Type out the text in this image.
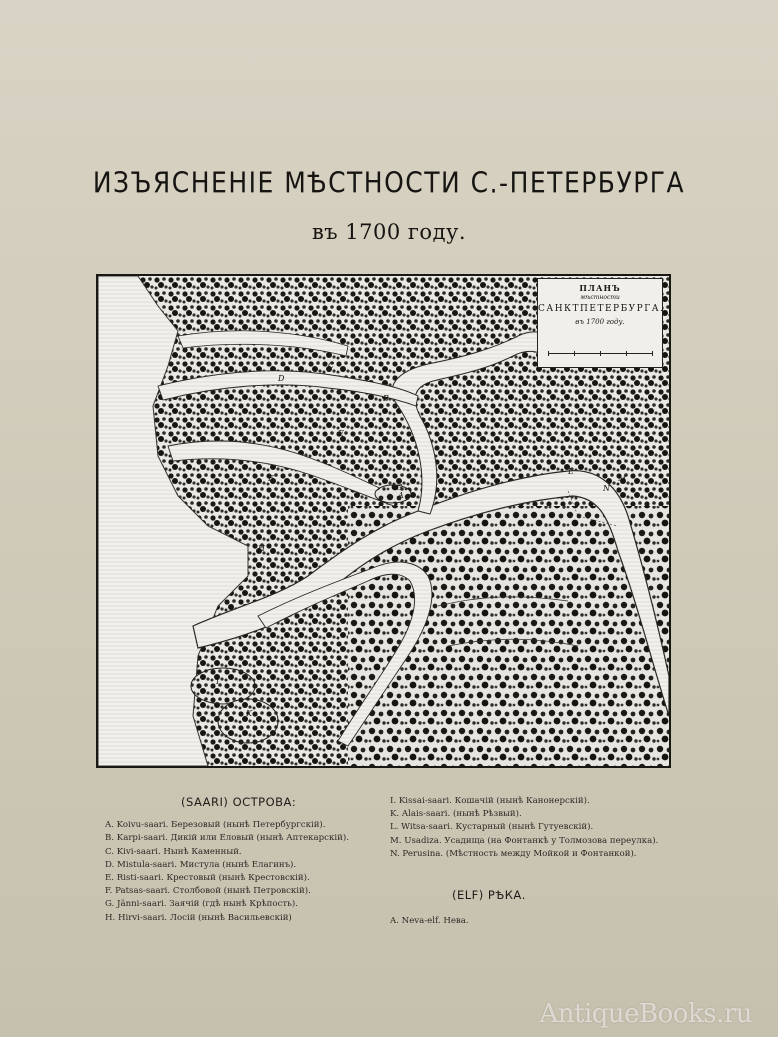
ИЗЪЯСНЕНІЕ МѢСТНОСТИ С.-ПЕТЕРБУРГА
въ 1700 году.
A
B
C
D
E
F
G
H
I
K
L
M
N
ПЛАНЪ
мѣстности
САНКТПЕТЕРБУРГА.
въ 1700 году.
(SAARI) ОСТРОВА:
A. Koivu-saari. Березовый (нынѣ Петербургскій).
B. Karpi-saari. Дикій или Еловый (нынѣ Аптекарскій).
C. Kivi-saari. Нынѣ Каменный.
D. Mistula-saari. Мистула (нынѣ Елагинъ).
E. Risti-saari. Крестовый (нынѣ Крестовскій).
F. Patsas-saari. Столбовой (нынѣ Петровскій).
G. Jänni-saari. Заячій (гдѣ нынѣ Крѣпость).
H. Hirvi-saari. Лосій (нынѣ Васильевскій)
I. Kissai-saari. Кошачій (нынѣ Канонерскій).
K. Alais-saari. (нынѣ Рѣзвый).
L. Witsa-saari. Кустарный (нынѣ Гутуевскій).
M. Usadiza. Усадища (на Фонтанкѣ у Толмозова переулка).
N. Perusina. (Мѣстность между Мойкой и Фонтанкой).
(ELF) РѢКА.
A. Neva-elf. Нева.
AntiqueBooks.ru
